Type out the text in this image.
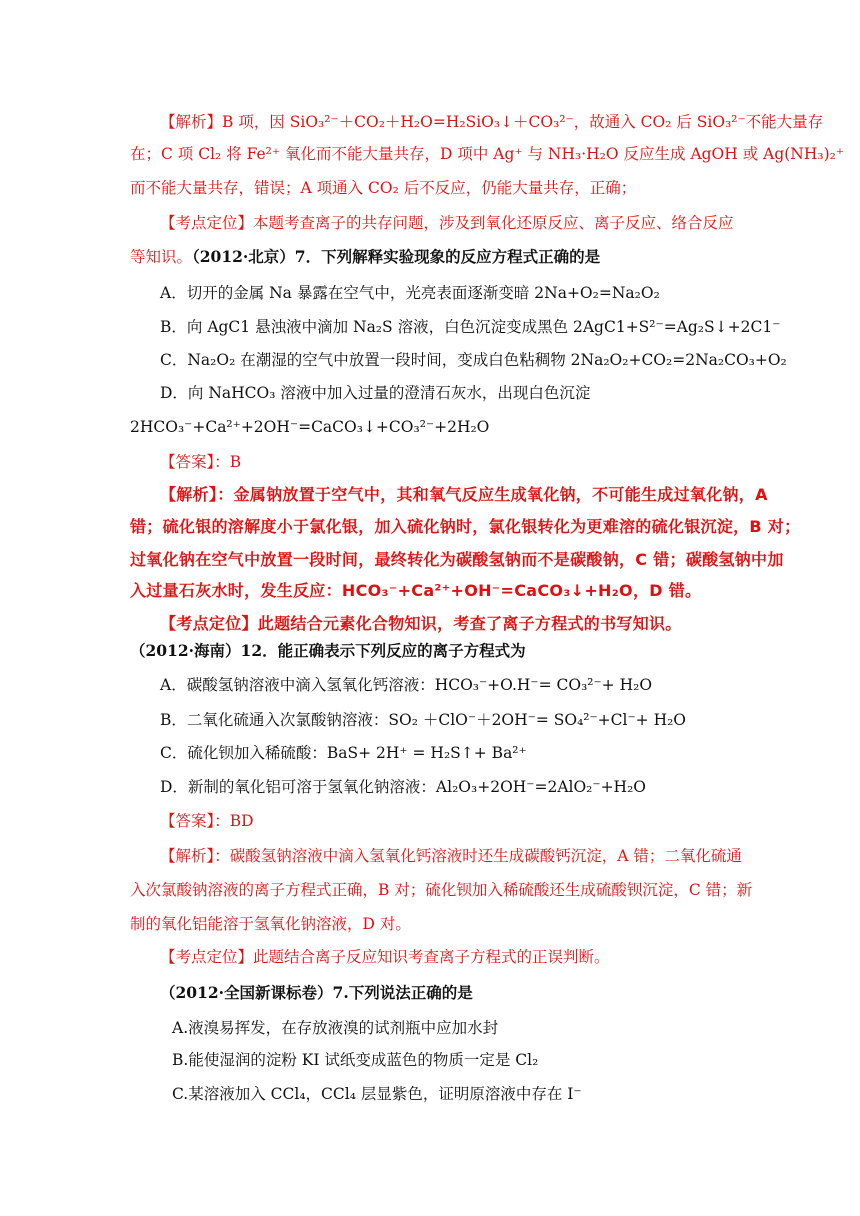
【解析】B 项，因 SiO₃²⁻＋CO₂＋H₂O=H₂SiO₃↓＋CO₃²⁻，故通入 CO₂ 后 SiO₃²⁻不能大量存
在；C 项 Cl₂ 将 Fe²⁺ 氧化而不能大量共存，D 项中 Ag⁺ 与 NH₃·H₂O 反应生成 AgOH 或 Ag(NH₃)₂⁺
而不能大量共存，错误；A 项通入 CO₂ 后不反应，仍能大量共存，正确；
【考点定位】本题考查离子的共存问题，涉及到氧化还原反应、离子反应、络合反应
等知识。（2012·北京）7．下列解释实验现象的反应方程式正确的是
A．切开的金属 Na 暴露在空气中，光亮表面逐渐变暗 2Na+O₂=Na₂O₂
B．向 AgC1 悬浊液中滴加 Na₂S 溶液，白色沉淀变成黑色 2AgC1+S²⁻=Ag₂S↓+2C1⁻
C．Na₂O₂ 在潮湿的空气中放置一段时间，变成白色粘稠物 2Na₂O₂+CO₂=2Na₂CO₃+O₂
D．向 NaHCO₃ 溶液中加入过量的澄清石灰水，出现白色沉淀
2HCO₃⁻+Ca²⁺+2OH⁻=CaCO₃↓+CO₃²⁻+2H₂O
【答案】：B
【解析】：金属钠放置于空气中，其和氧气反应生成氧化钠，不可能生成过氧化钠，A
错；硫化银的溶解度小于氯化银，加入硫化钠时，氯化银转化为更难溶的硫化银沉淀，B 对；
过氧化钠在空气中放置一段时间，最终转化为碳酸氢钠而不是碳酸钠，C 错；碳酸氢钠中加
入过量石灰水时，发生反应：HCO₃⁻+Ca²⁺+OH⁻=CaCO₃↓+H₂O，D 错。
【考点定位】此题结合元素化合物知识，考查了离子方程式的书写知识。
（2012·海南）12．能正确表示下列反应的离子方程式为
A．碳酸氢钠溶液中滴入氢氧化钙溶液：HCO₃⁻+O.H⁻= CO₃²⁻+ H₂O
B．二氧化硫通入次氯酸钠溶液：SO₂ ＋ClO⁻＋2OH⁻= SO₄²⁻+Cl⁻+ H₂O
C．硫化钡加入稀硫酸：BaS+ 2H⁺ = H₂S↑+ Ba²⁺
D．新制的氧化铝可溶于氢氧化钠溶液：Al₂O₃+2OH⁻=2AlO₂⁻+H₂O
【答案】：BD
【解析】：碳酸氢钠溶液中滴入氢氧化钙溶液时还生成碳酸钙沉淀，A 错；二氧化硫通
入次氯酸钠溶液的离子方程式正确，B 对；硫化钡加入稀硫酸还生成硫酸钡沉淀，C 错；新
制的氧化铝能溶于氢氧化钠溶液，D 对。
【考点定位】此题结合离子反应知识考查离子方程式的正误判断。
（2012·全国新课标卷）7.下列说法正确的是
A.液溴易挥发，在存放液溴的试剂瓶中应加水封
B.能使湿润的淀粉 KI 试纸变成蓝色的物质一定是 Cl₂
C.某溶液加入 CCl₄，CCl₄ 层显紫色，证明原溶液中存在 I⁻
